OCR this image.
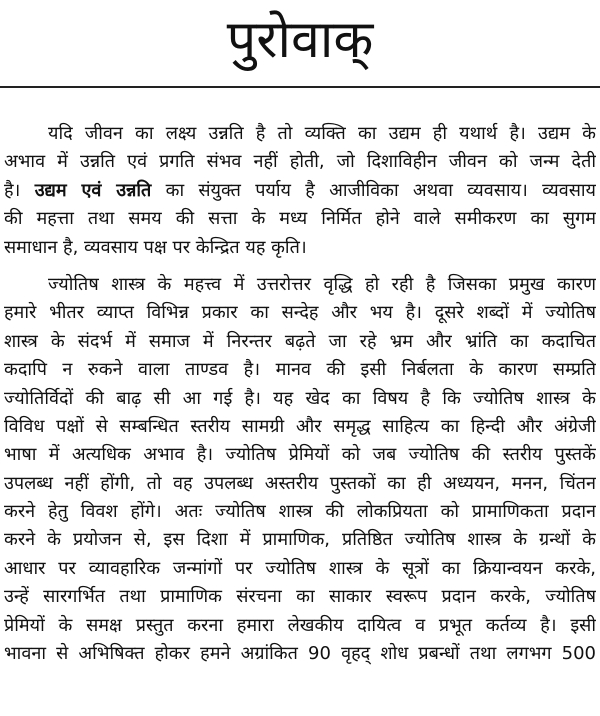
पुरोवाक्
यदि जीवन का लक्ष्य उन्नति है तो व्यक्ति का उद्यम ही यथार्थ है। उद्यम के
अभाव में उन्नति एवं प्रगति संभव नहीं होती, जो दिशाविहीन जीवन को जन्म देती
है। उद्यम एवं उन्नति का संयुक्त पर्याय है आजीविका अथवा व्यवसाय। व्यवसाय
की महत्ता तथा समय की सत्ता के मध्य निर्मित होने वाले समीकरण का सुगम
समाधान है, व्यवसाय पक्ष पर केन्द्रित यह कृति।
ज्योतिष शास्त्र के महत्त्व में उत्तरोत्तर वृद्धि हो रही है जिसका प्रमुख कारण
हमारे भीतर व्याप्त विभिन्न प्रकार का सन्देह और भय है। दूसरे शब्दों में ज्योतिष
शास्त्र के संदर्भ में समाज में निरन्तर बढ़ते जा रहे भ्रम और भ्रांति का कदाचित
कदापि न रुकने वाला ताण्डव है। मानव की इसी निर्बलता के कारण सम्प्रति
ज्योतिर्विदों की बाढ़ सी आ गई है। यह खेद का विषय है कि ज्योतिष शास्त्र के
विविध पक्षों से सम्बन्धित स्तरीय सामग्री और समृद्ध साहित्य का हिन्दी और अंग्रेजी
भाषा में अत्यधिक अभाव है। ज्योतिष प्रेमियों को जब ज्योतिष की स्तरीय पुस्तकें
उपलब्ध नहीं होंगी, तो वह उपलब्ध अस्तरीय पुस्तकों का ही अध्ययन, मनन, चिंतन
करने हेतु विवश होंगे। अतः ज्योतिष शास्त्र की लोकप्रियता को प्रामाणिकता प्रदान
करने के प्रयोजन से, इस दिशा में प्रामाणिक, प्रतिष्ठित ज्योतिष शास्त्र के ग्रन्थों के
आधार पर व्यावहारिक जन्मांगों पर ज्योतिष शास्त्र के सूत्रों का क्रियान्वयन करके,
उन्हें सारगर्भित तथा प्रामाणिक संरचना का साकार स्वरूप प्रदान करके, ज्योतिष
प्रेमियों के समक्ष प्रस्तुत करना हमारा लेखकीय दायित्व व प्रभूत कर्तव्य है। इसी
भावना से अभिषिक्त होकर हमने अग्रांकित 90 वृहद् शोध प्रबन्धों तथा लगभग 500
